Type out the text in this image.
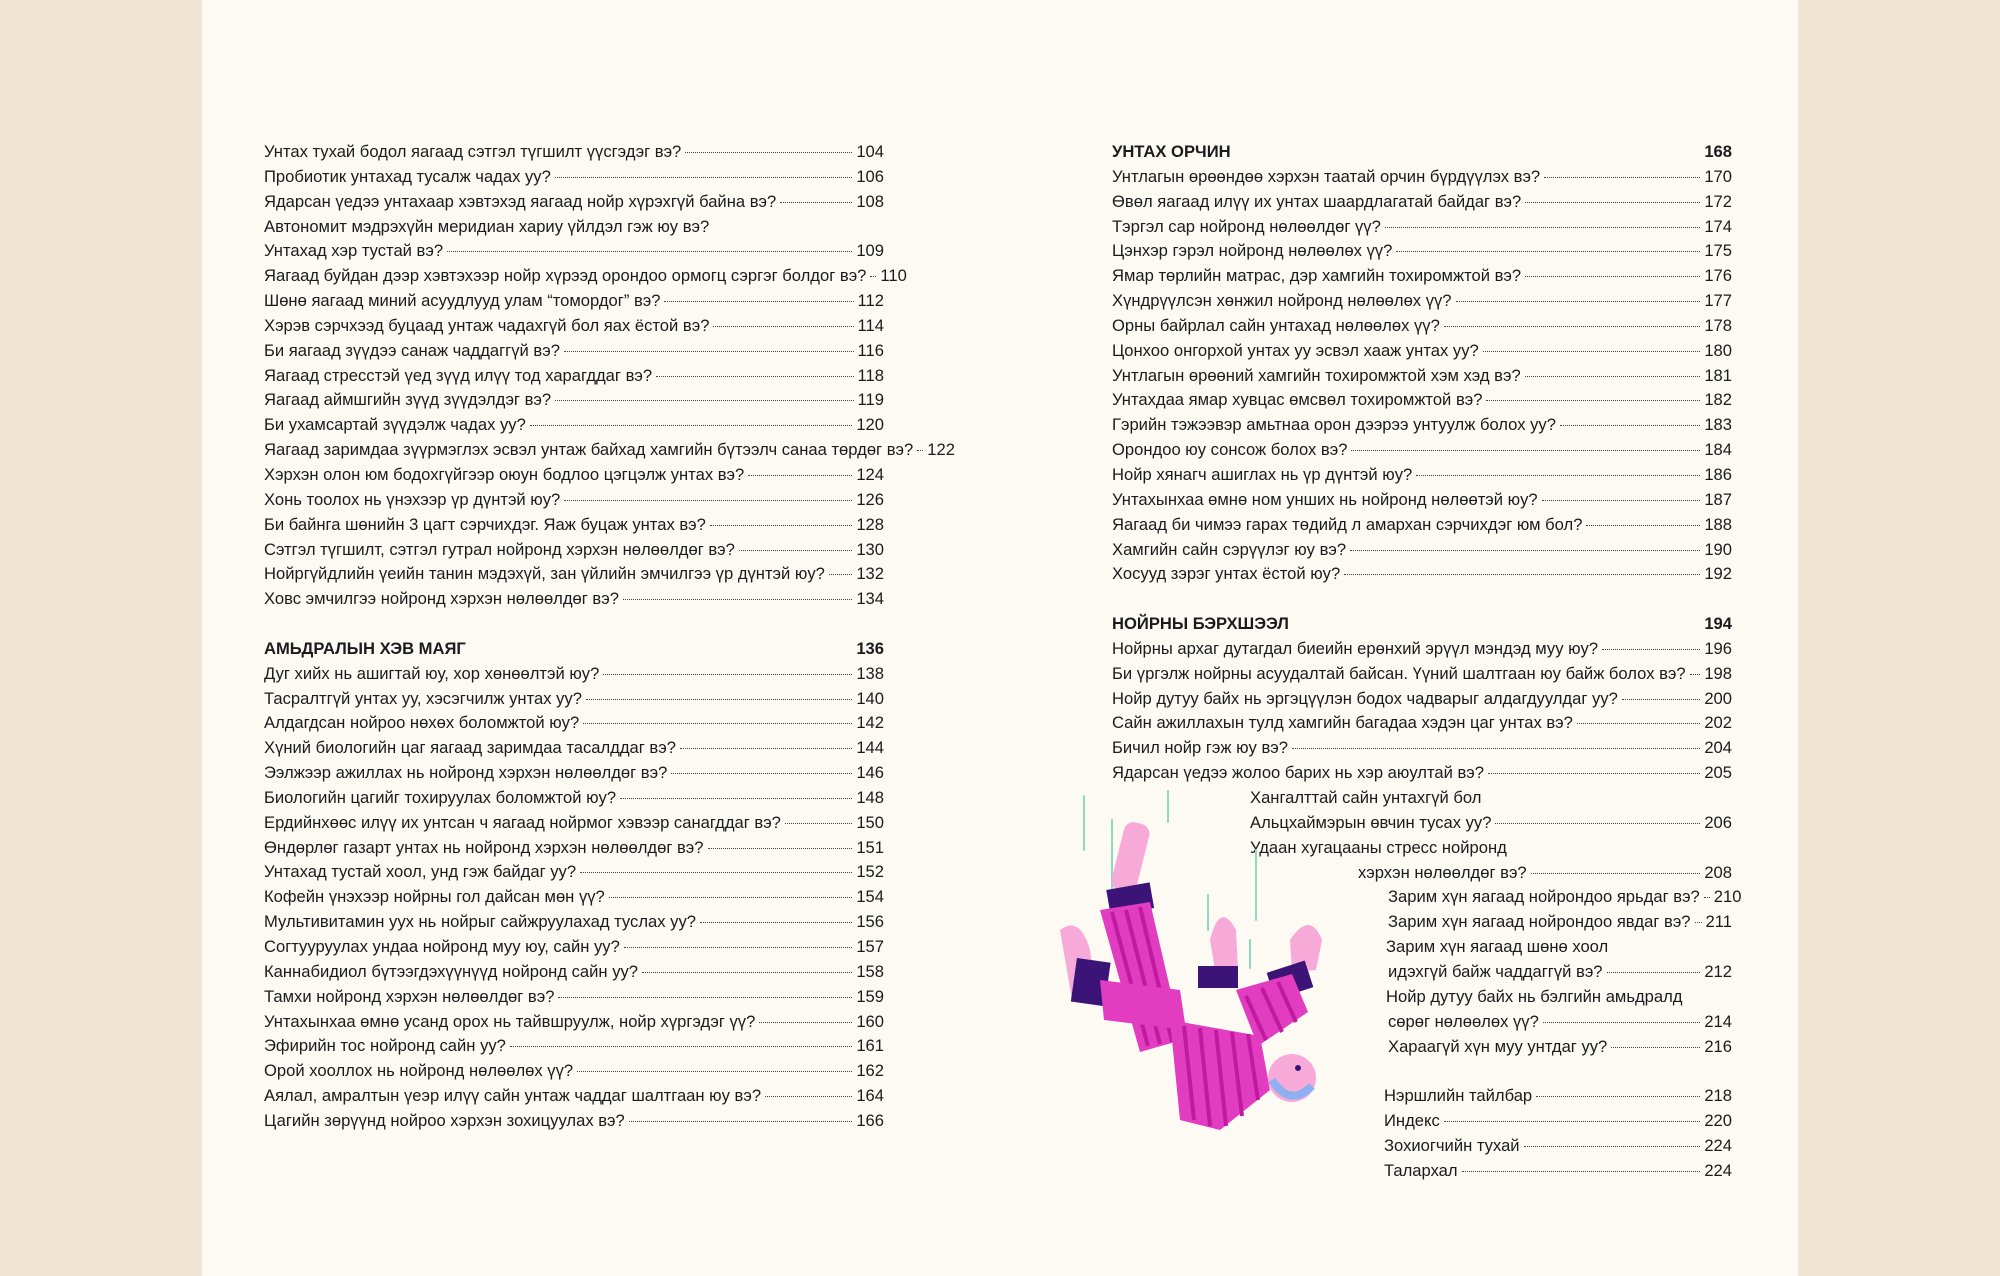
Унтах тухай бодол яагаад сэтгэл түгшилт үүсгэдэг вэ?	104
Пробиотик унтахад тусалж чадах уу?	106
Ядарсан үедээ унтахаар хэвтэхэд яагаад нойр хүрэхгүй байна вэ?	108
Автономит мэдрэхүйн меридиан хариу үйлдэл гэж юу вэ?
Унтахад хэр тустай вэ?	109
Яагаад буйдан дээр хэвтэхээр нойр хүрээд орондоо ормогц сэргэг болдог вэ? 110
Шөнө яагаад миний асуудлууд улам “томордог” вэ?	112
Хэрэв сэрчхээд буцаад унтаж чадахгүй бол яах ёстой вэ?	114
Би яагаад зүүдээ санаж чаддаггүй вэ?	116
Яагаад стресстэй үед зүүд илүү тод харагддаг вэ?	118
Яагаад аймшгийн зүүд зүүдэлдэг вэ?	119
Би ухамсартай зүүдэлж чадах уу?	120
Яагаад заримдаа зүүрмэглэх эсвэл унтаж байхад хамгийн бүтээлч санаа төрдөг вэ? 122
Хэрхэн олон юм бодохгүйгээр оюун бодлоо цэгцэлж унтах вэ?	124
Хонь тоолох нь үнэхээр үр дүнтэй юу?	126
Би байнга шөнийн 3 цагт сэрчихдэг. Яаж буцаж унтах вэ?	128
Сэтгэл түгшилт, сэтгэл гутрал нойронд хэрхэн нөлөөлдөг вэ?	130
Нойргүйдлийн үеийн танин мэдэхүй, зан үйлийн эмчилгээ үр дүнтэй юу? 132
Ховс эмчилгээ нойронд хэрхэн нөлөөлдөг вэ?	134
АМЬДРАЛЫН ХЭВ МАЯГ	136
Дуг хийх нь ашигтай юу, хор хөнөөлтэй юу?	138
Тасралтгүй унтах уу, хэсэгчилж унтах уу?	140
Алдагдсан нойроо нөхөх боломжтой юу?	142
Хүний биологийн цаг яагаад заримдаа тасалддаг вэ?	144
Ээлжээр ажиллах нь нойронд хэрхэн нөлөөлдөг вэ?	146
Биологийн цагийг тохируулах боломжтой юу?	148
Ердийнхөөс илүү их унтсан ч яагаад нойрмог хэвээр санагддаг вэ?	150
Өндөрлөг газарт унтах нь нойронд хэрхэн нөлөөлдөг вэ?	151
Унтахад тустай хоол, унд гэж байдаг уу?	152
Кофейн үнэхээр нойрны гол дайсан мөн үү?	154
Мультивитамин уух нь нойрыг сайжруулахад туслах уу?	156
Согтууруулах ундаа нойронд муу юу, сайн уу?	157
Каннабидиол бүтээгдэхүүнүүд нойронд сайн уу?	158
Тамхи нойронд хэрхэн нөлөөлдөг вэ?	159
Унтахынхаа өмнө усанд орох нь тайвшруулж, нойр хүргэдэг үү?	160
Эфирийн тос нойронд сайн уу?	161
Орой хооллох нь нойронд нөлөөлөх үү?	162
Аялал, амралтын үеэр илүү сайн унтаж чаддаг шалтгаан юу вэ?	164
Цагийн зөрүүнд нойроо хэрхэн зохицуулах вэ?	166
УНТАХ ОРЧИН	168
Унтлагын өрөөндөө хэрхэн таатай орчин бүрдүүлэх вэ?	170
Өвөл яагаад илүү их унтах шаардлагатай байдаг вэ?	172
Тэргэл сар нойронд нөлөөлдөг үү?	174
Цэнхэр гэрэл нойронд нөлөөлөх үү?	175
Ямар төрлийн матрас, дэр хамгийн тохиромжтой вэ?	176
Хүндрүүлсэн хөнжил нойронд нөлөөлөх үү?	177
Орны байрлал сайн унтахад нөлөөлөх үү?	178
Цонхоо онгорхой унтах уу эсвэл хааж унтах уу?	180
Унтлагын өрөөний хамгийн тохиромжтой хэм хэд вэ?	181
Унтахдаа ямар хувцас өмсвөл тохиромжтой вэ?	182
Гэрийн тэжээвэр амьтнаа орон дээрээ унтуулж болох уу?	183
Орондоо юу сонсож болох вэ?	184
Нойр хянагч ашиглах нь үр дүнтэй юу?	186
Унтахынхаа өмнө ном унших нь нойронд нөлөөтэй юу?	187
Яагаад би чимээ гарах төдийд л амархан сэрчихдэг юм бол?	188
Хамгийн сайн сэрүүлэг юу вэ?	190
Хосууд зэрэг унтах ёстой юу?	192
НОЙРНЫ БЭРХШЭЭЛ	194
Нойрны архаг дутагдал биеийн ерөнхий эрүүл мэндэд муу юу?	196
Би үргэлж нойрны асуудалтай байсан. Үүний шалтгаан юу байж болох вэ? 198
Нойр дутуу байх нь эргэцүүлэн бодох чадварыг алдагдуулдаг уу?	200
Сайн ажиллахын тулд хамгийн багадаа хэдэн цаг унтах вэ?	202
Бичил нойр гэж юу вэ?	204
Ядарсан үедээ жолоо барих нь хэр аюултай вэ?	205
Хангалттай сайн унтахгүй бол
Альцхаймэрын өвчин тусах уу?	206
Удаан хугацааны стресс нойронд
хэрхэн нөлөөлдөг вэ?	208
Зарим хүн яагаад нойрондоо ярьдаг вэ? 210
Зарим хүн яагаад нойрондоо явдаг вэ? 211
Зарим хүн яагаад шөнө хоол
идэхгүй байж чаддаггүй вэ?	212
Нойр дутуу байх нь бэлгийн амьдралд
сөрөг нөлөөлөх үү?	214
Хараагүй хүн муу унтдаг уу?	216
Нэршлийн тайлбар	218
Индекс	220
Зохиогчийн тухай	224
Талархал	224
